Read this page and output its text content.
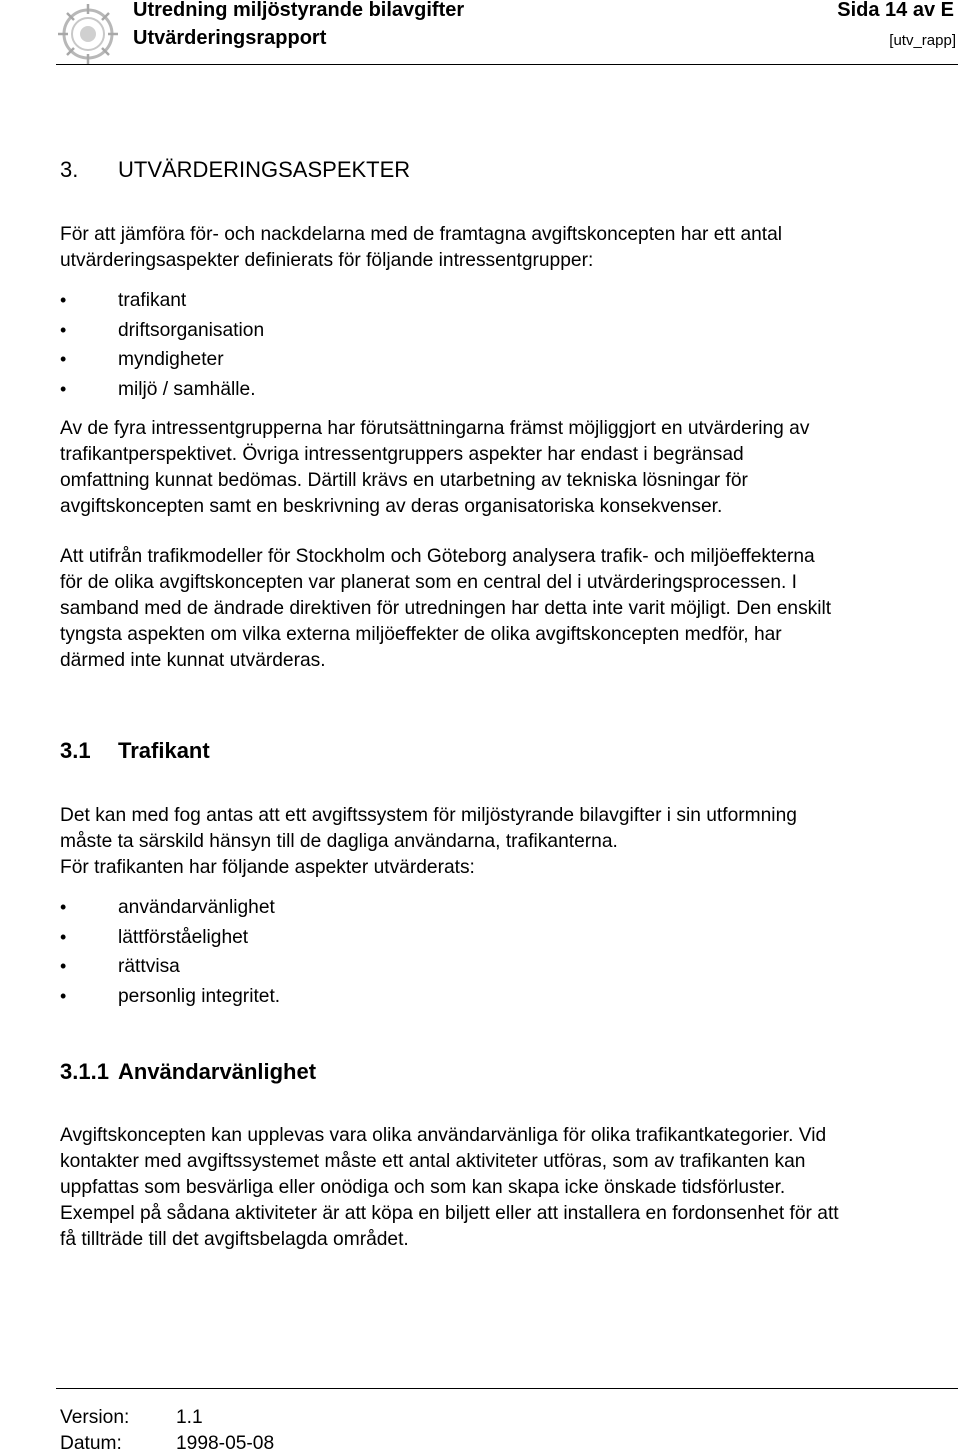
Utredning miljöstyrande bilavgifter	Sida 14 av E
Utvärderingsrapport	[utv_rapp]
3. UTVÄRDERINGSASPEKTER
För att jämföra för- och nackdelarna med de framtagna avgiftskoncepten har ett antal
utvärderingsaspekter definierats för följande intressentgrupper:
•	trafikant
•	driftsorganisation
•	myndigheter
•	miljö / samhälle.
Av de fyra intressentgrupperna har förutsättningarna främst möjliggjort en utvärdering av
trafikantperspektivet. Övriga intressentgruppers aspekter har endast i begränsad
omfattning kunnat bedömas. Därtill krävs en utarbetning av tekniska lösningar för
avgiftskoncepten samt en beskrivning av deras organisatoriska konsekvenser.
Att utifrån trafikmodeller för Stockholm och Göteborg analysera trafik- och miljöeffekterna
för de olika avgiftskoncepten var planerat som en central del i utvärderingsprocessen. I
samband med de ändrade direktiven för utredningen har detta inte varit möjligt. Den enskilt
tyngsta aspekten om vilka externa miljöeffekter de olika avgiftskoncepten medför, har
därmed inte kunnat utvärderas.
3.1 Trafikant
Det kan med fog antas att ett avgiftssystem för miljöstyrande bilavgifter i sin utformning
måste ta särskild hänsyn till de dagliga användarna, trafikanterna.
För trafikanten har följande aspekter utvärderats:
•	användarvänlighet
•	lättförståelighet
•	rättvisa
•	personlig integritet.
3.1.1 Användarvänlighet
Avgiftskoncepten kan upplevas vara olika användarvänliga för olika trafikantkategorier. Vid
kontakter med avgiftssystemet måste ett antal aktiviteter utföras, som av trafikanten kan
uppfattas som besvärliga eller onödiga och som kan skapa icke önskade tidsförluster.
Exempel på sådana aktiviteter är att köpa en biljett eller att installera en fordonsenhet för att
få tillträde till det avgiftsbelagda området.
Version: 1.1
Datum:	1998-05-08
